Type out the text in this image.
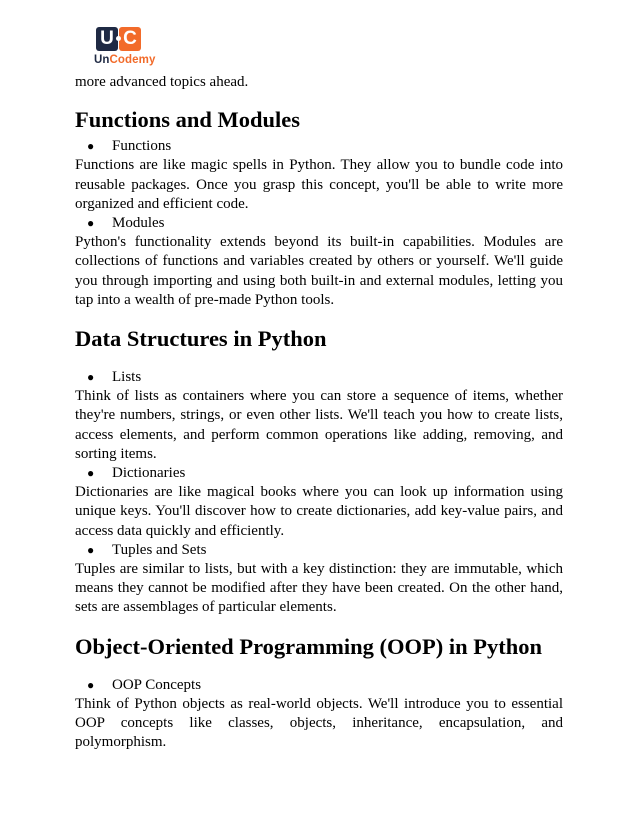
U C
UnCodemy

more advanced topics ahead.

Functions and Modules
● Functions

Functions are like magic spells in Python. They allow you to bundle code into reusable packages. Once you grasp this concept, you'll be able to write more organized and efficient code.

● Modules

Python's functionality extends beyond its built-in capabilities. Modules are collections of functions and variables created by others or yourself. We'll guide you through importing and using both built-in and external modules, letting you tap into a wealth of pre-made Python tools.

Data Structures in Python
● Lists

Think of lists as containers where you can store a sequence of items, whether they're numbers, strings, or even other lists. We'll teach you how to create lists, access elements, and perform common operations like adding, removing, and sorting items.

● Dictionaries

Dictionaries are like magical books where you can look up information using unique keys. You'll discover how to create dictionaries, add key-value pairs, and access data quickly and efficiently.

● Tuples and Sets

Tuples are similar to lists, but with a key distinction: they are immutable, which means they cannot be modified after they have been created. On the other hand, sets are assemblages of particular elements.

Object-Oriented Programming (OOP) in Python
● OOP Concepts

Think of Python objects as real-world objects. We'll introduce you to essential OOP concepts like classes, objects, inheritance, encapsulation, and polymorphism.
